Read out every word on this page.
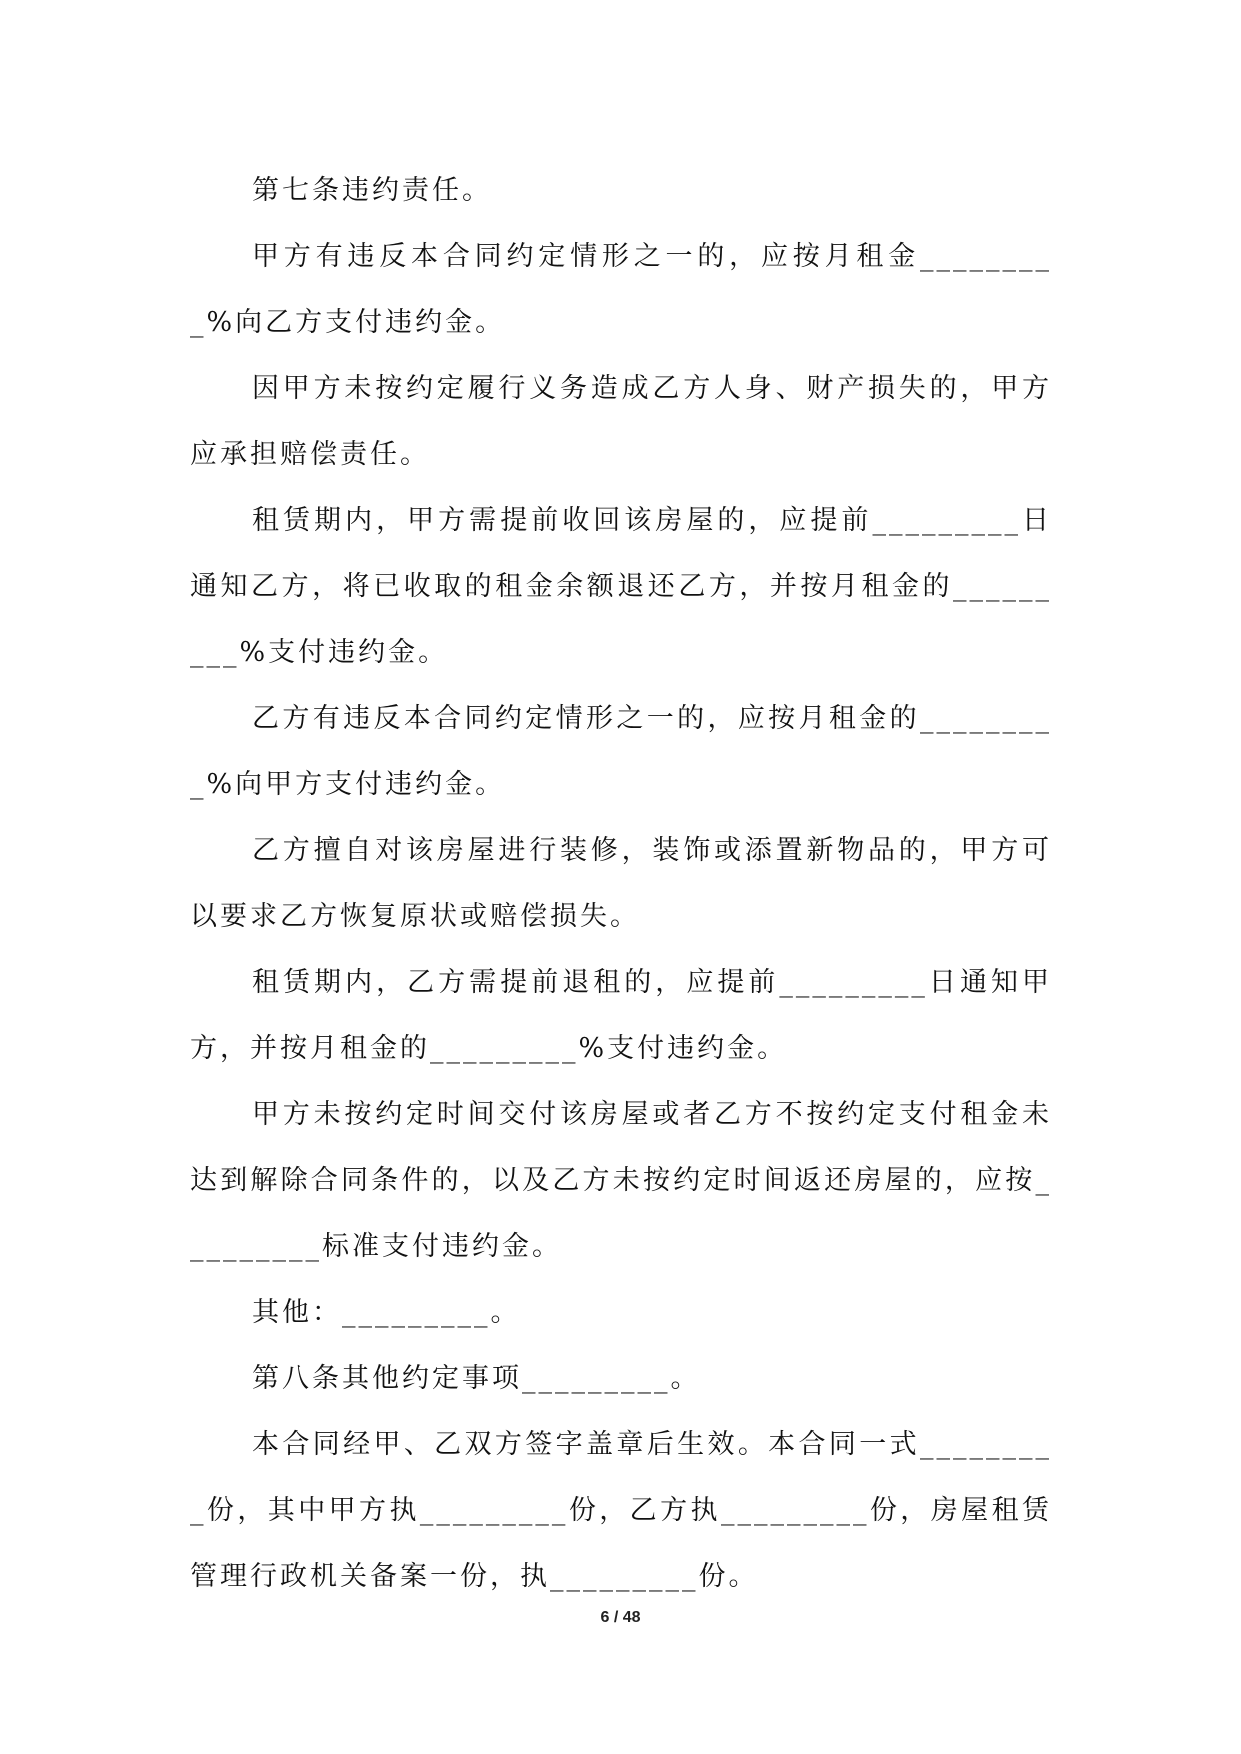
第七条违约责任。

甲方有违反本合同约定情形之一的，应按月租金_________%向乙方支付违约金。

因甲方未按约定履行义务造成乙方人身、财产损失的，甲方应承担赔偿责任。

租赁期内，甲方需提前收回该房屋的，应提前_________日通知乙方，将已收取的租金余额退还乙方，并按月租金的_________%支付违约金。

乙方有违反本合同约定情形之一的，应按月租金的_________%向甲方支付违约金。

乙方擅自对该房屋进行装修，装饰或添置新物品的，甲方可以要求乙方恢复原状或赔偿损失。

租赁期内，乙方需提前退租的，应提前_________日通知甲方，并按月租金的_________%支付违约金。

甲方未按约定时间交付该房屋或者乙方不按约定支付租金未达到解除合同条件的，以及乙方未按约定时间返还房屋的，应按_________标准支付违约金。

其他：_________。

第八条其他约定事项_________。

本合同经甲、乙双方签字盖章后生效。本合同一式_________份，其中甲方执_________份，乙方执_________份，房屋租赁管理行政机关备案一份，执_________份。

6 / 48
